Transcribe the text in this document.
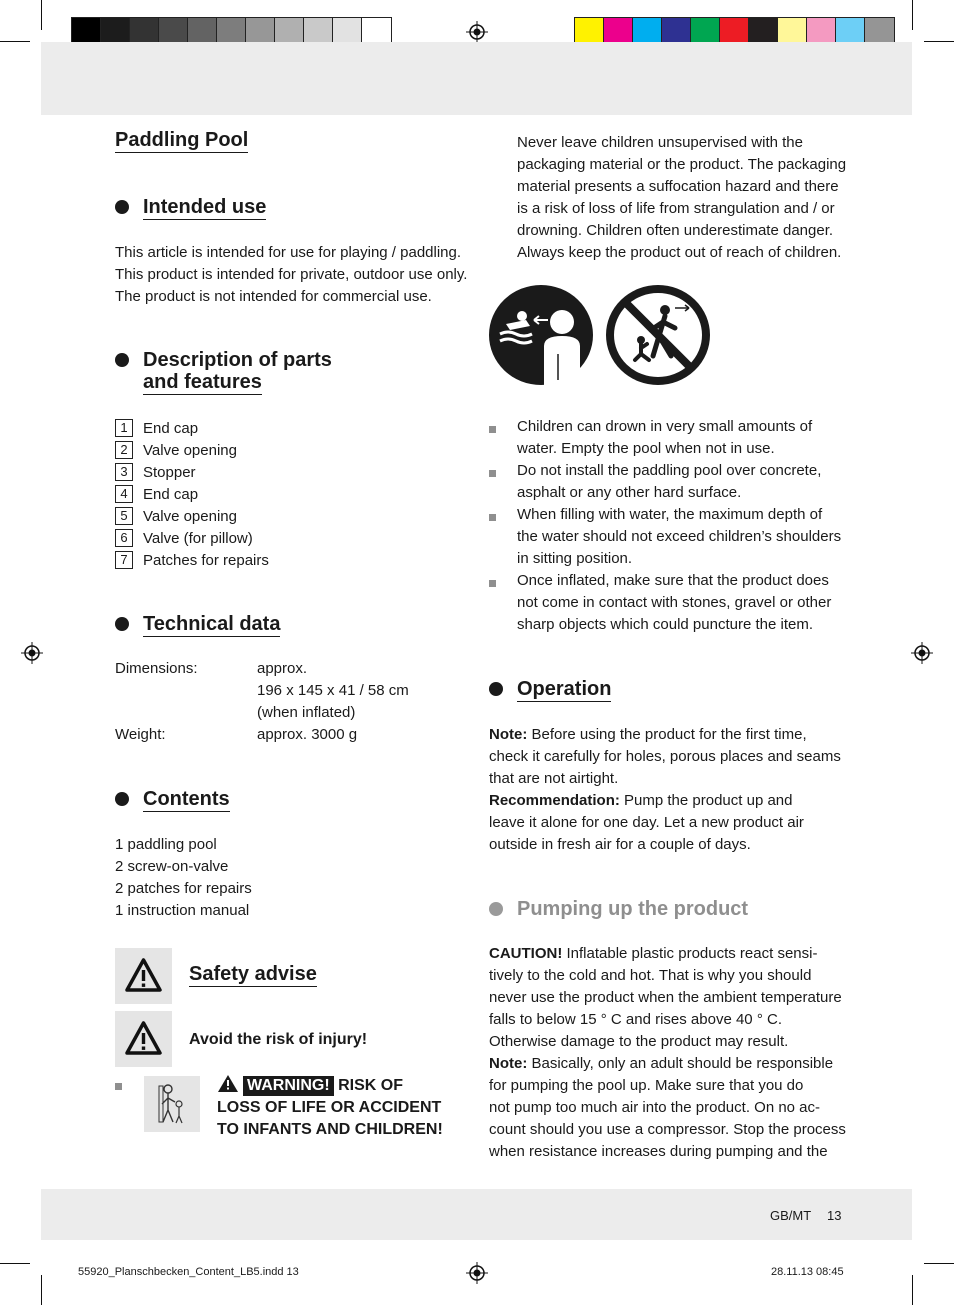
Paddling Pool
Intended use
This article is intended for use for playing / paddling.
This product is intended for private, outdoor use only.
The product is not intended for commercial use.
Description of parts
and features
1	End cap
2	Valve opening
3	Stopper
4	End cap
5	Valve opening
6	Valve (for pillow)
7	Patches for repairs
Technical data
Dimensions:	approx.
196 x 145 x 41 / 58 cm
(when inflated)
Weight:	approx. 3000 g
Contents
1 paddling pool
2 screw-on-valve
2 patches for repairs
1 instruction manual
Safety advise
Avoid the risk of injury!
WARNING! RISK OF
LOSS OF LIFE OR ACCIDENT
TO INFANTS AND CHILDREN!
Never leave children unsupervised with the
packaging material or the product. The packaging
material presents a suffocation hazard and there
is a risk of loss of life from strangulation and / or
drowning. Children often underestimate danger.
Always keep the product out of reach of children.
Children can drown in very small amounts of
water. Empty the pool when not in use.
Do not install the paddling pool over concrete,
asphalt or any other hard surface.
When filling with water, the maximum depth of
the water should not exceed children’s shoulders
in sitting position.
Once inflated, make sure that the product does
not come in contact with stones, gravel or other
sharp objects which could puncture the item.
Operation
Note: Before using the product for the first time,
check it carefully for holes, porous places and seams
that are not airtight.
Recommendation: Pump the product up and
leave it alone for one day. Let a new product air
outside in fresh air for a couple of days.
Pumping up the product
CAUTION! Inflatable plastic products react sensi-
tively to the cold and hot. That is why you should
never use the product when the ambient temperature
falls to below 15 ° C and rises above 40 ° C.
Otherwise damage to the product may result.
Note: Basically, only an adult should be responsible
for pumping the pool up. Make sure that you do
not pump too much air into the product. On no ac-
count should you use a compressor. Stop the process
when resistance increases during pumping and the
GB/MT 13
55920_Planschbecken_Content_LB5.indd 13	28.11.13 08:45
